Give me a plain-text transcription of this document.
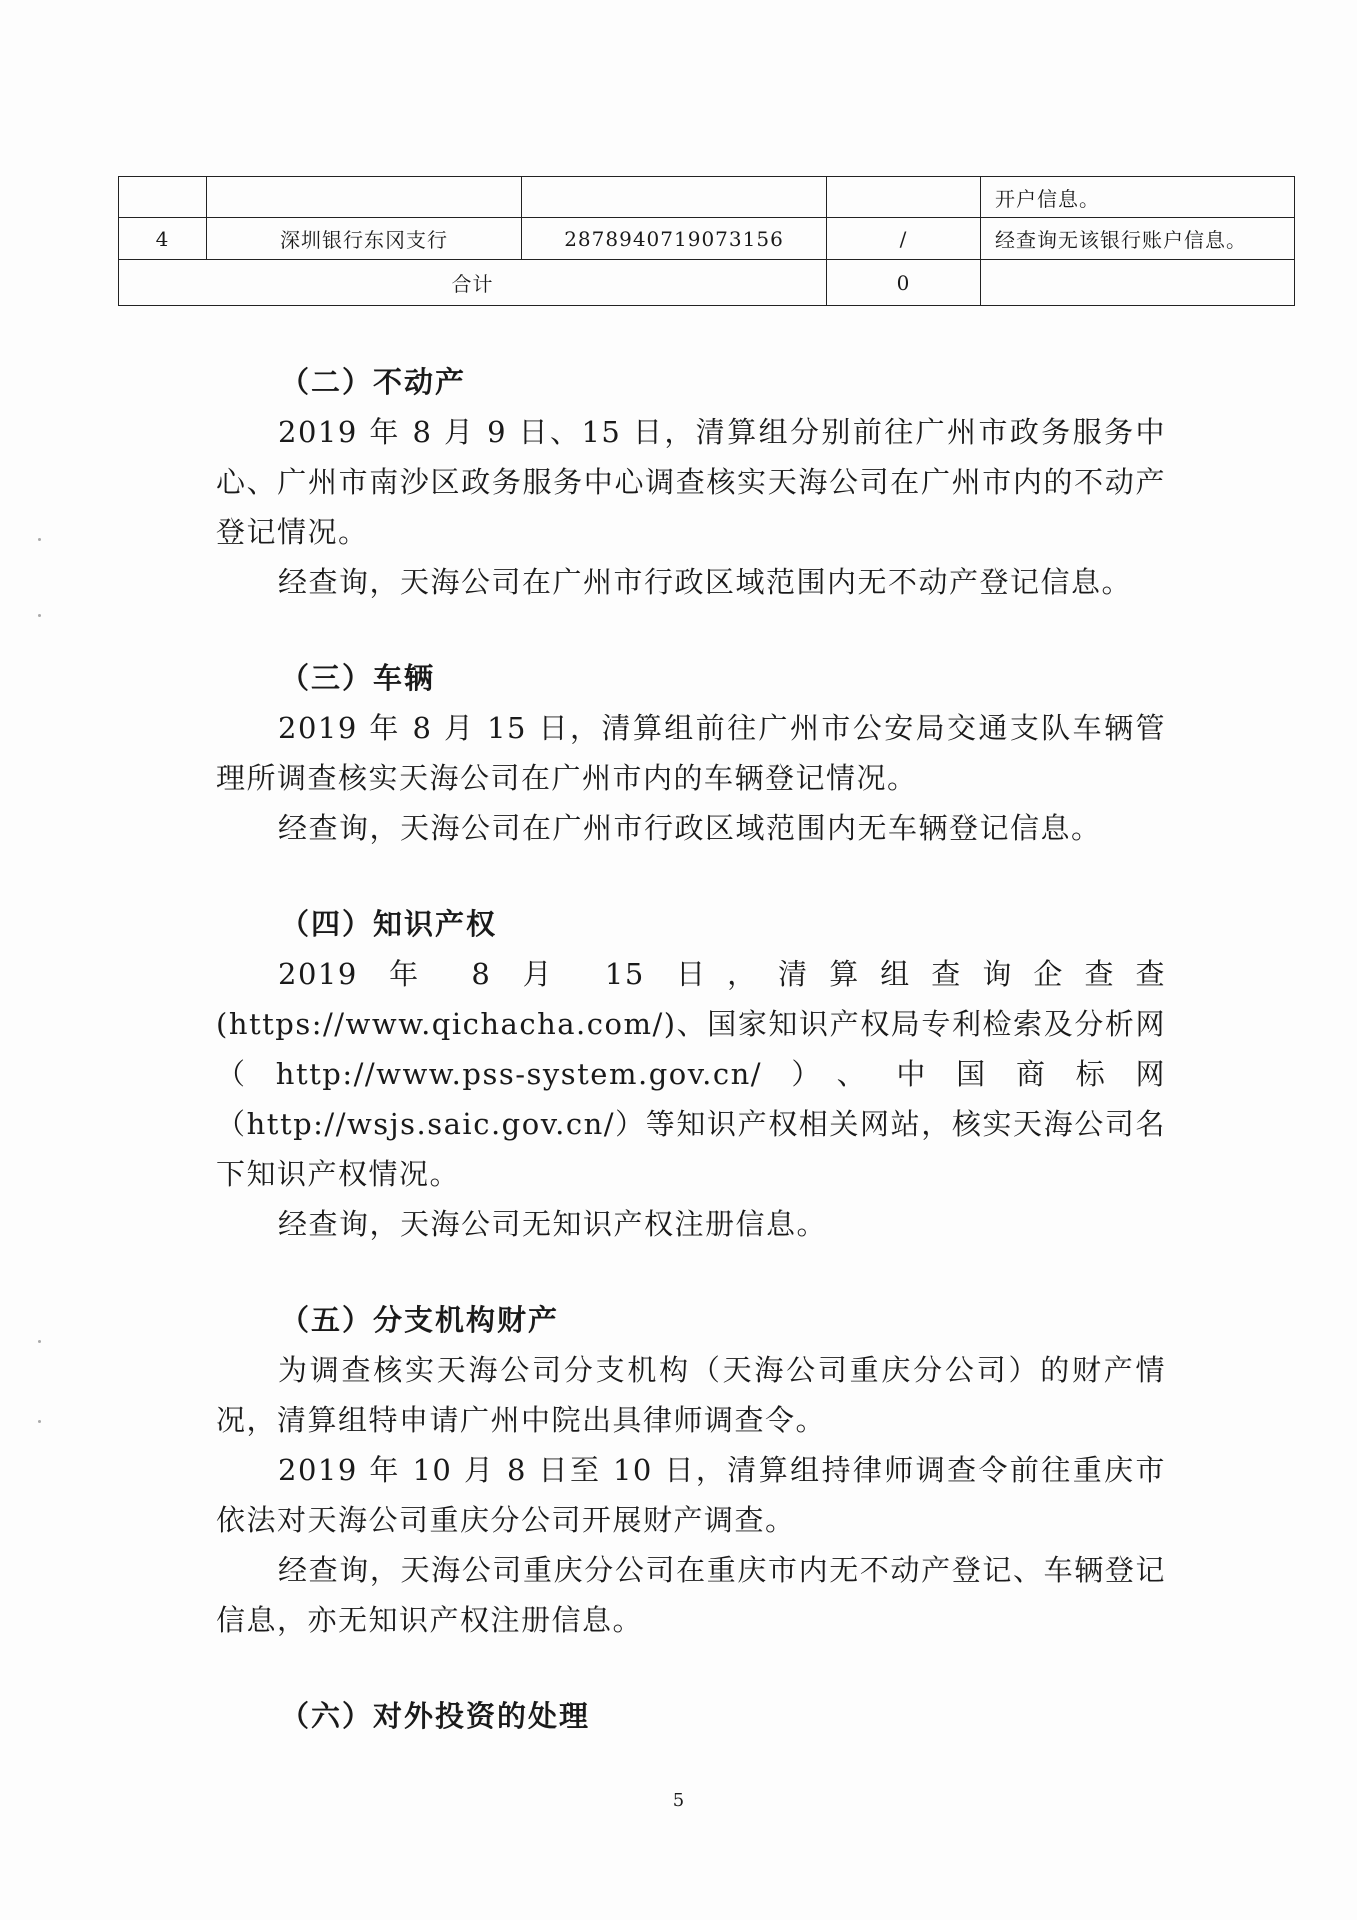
				开户信息。
4	深圳银行东冈支行	2878940719073156	/	经查询无该银行账户信息。
合计			0	

（二）不动产

2019 年 8 月 9 日、15 日，清算组分别前往广州市政务服务中心、广州市南沙区政务服务中心调查核实天海公司在广州市内的不动产登记情况。

经查询，天海公司在广州市行政区域范围内无不动产登记信息。

（三）车辆

2019 年 8 月 15 日，清算组前往广州市公安局交通支队车辆管理所调查核实天海公司在广州市内的车辆登记情况。

经查询，天海公司在广州市行政区域范围内无车辆登记信息。

（四）知识产权

2019 年 8 月 15 日，清算组查询企查查(https://www.qichacha.com/)、国家知识产权局专利检索及分析网（http://www.pss-system.gov.cn/）、中国商标网（http://wsjs.saic.gov.cn/）等知识产权相关网站，核实天海公司名下知识产权情况。

经查询，天海公司无知识产权注册信息。

（五）分支机构财产

为调查核实天海公司分支机构（天海公司重庆分公司）的财产情况，清算组特申请广州中院出具律师调查令。

2019 年 10 月 8 日至 10 日，清算组持律师调查令前往重庆市依法对天海公司重庆分公司开展财产调查。

经查询，天海公司重庆分公司在重庆市内无不动产登记、车辆登记信息，亦无知识产权注册信息。

（六）对外投资的处理

5
